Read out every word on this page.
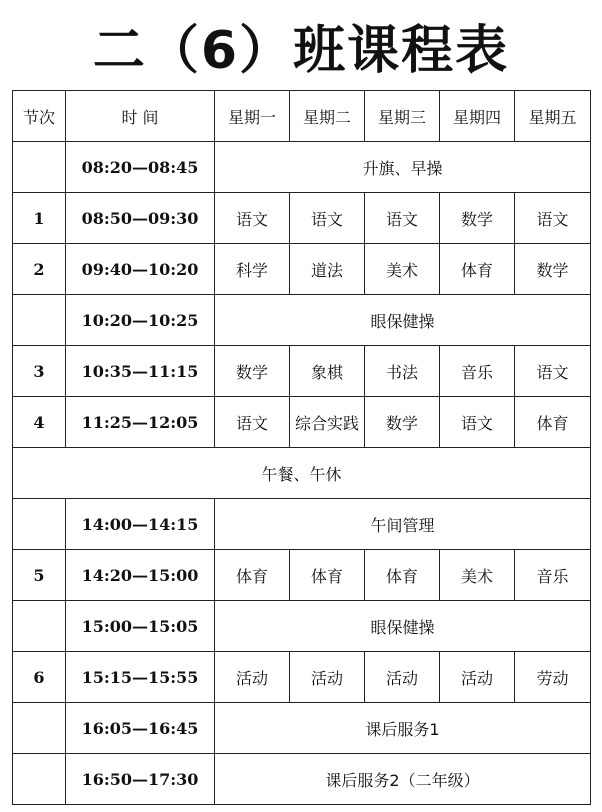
二（6）班课程表
节次	时 间	星期一	星期二	星期三	星期四	星期五
	08:20—08:45	升旗、早操				
1	08:50—09:30	语文	语文	语文	数学	语文
2	09:40—10:20	科学	道法	美术	体育	数学
	10:20—10:25	眼保健操				
3	10:35—11:15	数学	象棋	书法	音乐	语文
4	11:25—12:05	语文	综合实践	数学	语文	体育
午餐、午休						
	14:00—14:15	午间管理				
5	14:20—15:00	体育	体育	体育	美术	音乐
	15:00—15:05	眼保健操				
6	15:15—15:55	活动	活动	活动	活动	劳动
	16:05—16:45	课后服务1				
	16:50—17:30	课后服务2（二年级）				
